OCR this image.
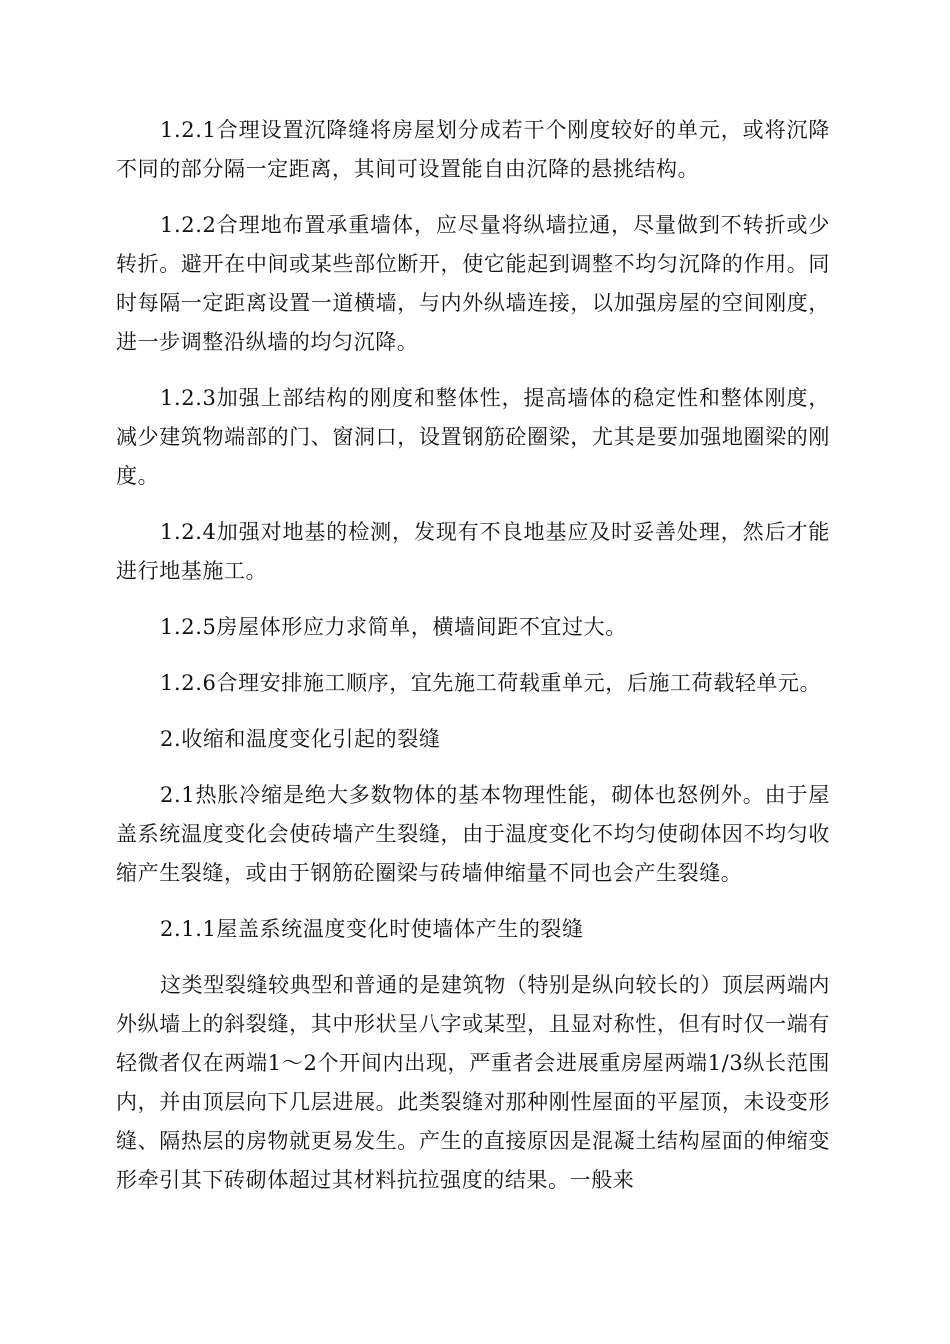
1.2.1合理设置沉降缝将房屋划分成若干个刚度较好的单元，或将沉降不同的部分隔一定距离，其间可设置能自由沉降的悬挑结构。

1.2.2合理地布置承重墙体，应尽量将纵墙拉通，尽量做到不转折或少转折。避开在中间或某些部位断开，使它能起到调整不均匀沉降的作用。同时每隔一定距离设置一道横墙，与内外纵墙连接，以加强房屋的空间刚度，进一步调整沿纵墙的均匀沉降。

1.2.3加强上部结构的刚度和整体性，提高墙体的稳定性和整体刚度，减少建筑物端部的门、窗洞口，设置钢筋砼圈梁，尤其是要加强地圈梁的刚度。

1.2.4加强对地基的检测，发现有不良地基应及时妥善处理，然后才能进行地基施工。

1.2.5房屋体形应力求简单，横墙间距不宜过大。

1.2.6合理安排施工顺序，宜先施工荷载重单元，后施工荷载轻单元。

2.收缩和温度变化引起的裂缝

2.1热胀冷缩是绝大多数物体的基本物理性能，砌体也怒例外。由于屋盖系统温度变化会使砖墙产生裂缝，由于温度变化不均匀使砌体因不均匀收缩产生裂缝，或由于钢筋砼圈梁与砖墙伸缩量不同也会产生裂缝。

2.1.1屋盖系统温度变化时使墙体产生的裂缝

这类型裂缝较典型和普通的是建筑物（特别是纵向较长的）顶层两端内外纵墙上的斜裂缝，其中形状呈八字或某型，且显对称性，但有时仅一端有轻微者仅在两端1～2个开间内出现，严重者会进展重房屋两端1/3纵长范围内，并由顶层向下几层进展。此类裂缝对那种刚性屋面的平屋顶，未设变形缝、隔热层的房物就更易发生。产生的直接原因是混凝土结构屋面的伸缩变形牵引其下砖砌体超过其材料抗拉强度的结果。一般来
